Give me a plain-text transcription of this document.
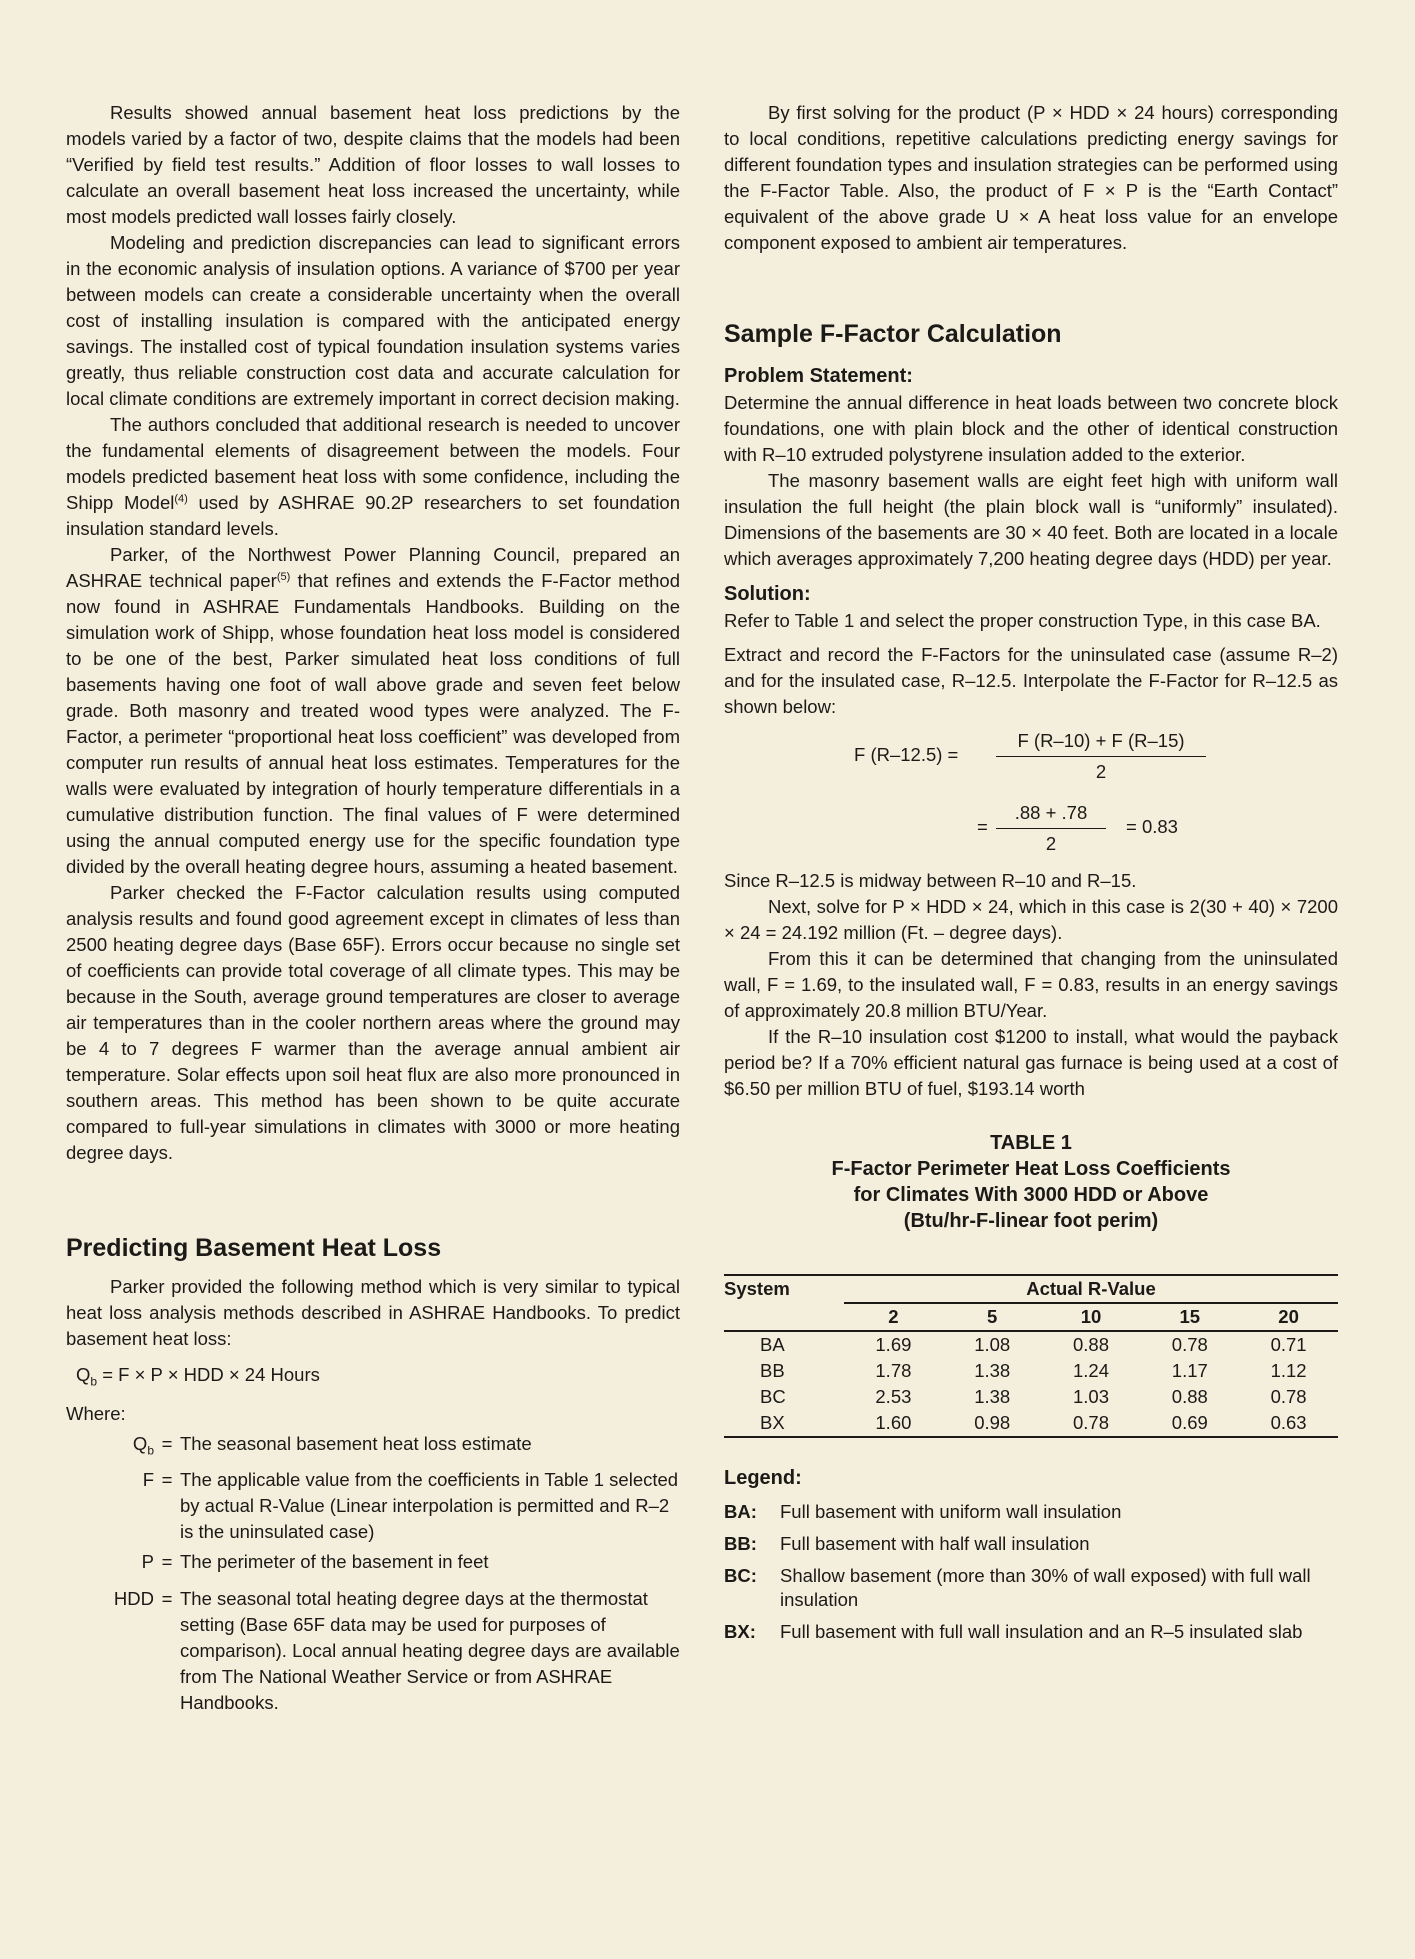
Results showed annual basement heat loss predictions by the models varied by a factor of two, despite claims that the models had been “Verified by field test results.” Addition of floor losses to wall losses to calculate an overall basement heat loss increased the uncertainty, while most models predicted wall losses fairly closely.

Modeling and prediction discrepancies can lead to significant errors in the economic analysis of insulation options. A variance of $700 per year between models can create a considerable uncertainty when the overall cost of installing insulation is compared with the anticipated energy savings. The installed cost of typical foundation insulation systems varies greatly, thus reliable construction cost data and accurate calculation for local climate conditions are extremely important in correct decision making.

The authors concluded that additional research is needed to uncover the fundamental elements of disagreement between the models. Four models predicted basement heat loss with some confidence, including the Shipp Model$^{(4)}$ used by ASHRAE 90.2P researchers to set foundation insulation standard levels.

Parker, of the Northwest Power Planning Council, prepared an ASHRAE technical paper$^{(5)}$ that refines and extends the F-Factor method now found in ASHRAE Fundamentals Handbooks. Building on the simulation work of Shipp, whose foundation heat loss model is considered to be one of the best, Parker simulated heat loss conditions of full basements having one foot of wall above grade and seven feet below grade. Both masonry and treated wood types were analyzed. The F-Factor, a perimeter “proportional heat loss coefficient” was developed from computer run results of annual heat loss estimates. Temperatures for the walls were evaluated by integration of hourly temperature differentials in a cumulative distribution function. The final values of F were determined using the annual computed energy use for the specific foundation type divided by the overall heating degree hours, assuming a heated basement.

Parker checked the F-Factor calculation results using computed analysis results and found good agreement except in climates of less than 2500 heating degree days (Base 65F). Errors occur because no single set of coefficients can provide total coverage of all climate types. This may be because in the South, average ground temperatures are closer to average air temperatures than in the cooler northern areas where the ground may be 4 to 7 degrees F warmer than the average annual ambient air temperature. Solar effects upon soil heat flux are also more pronounced in southern areas. This method has been shown to be quite accurate compared to full-year simulations in climates with 3000 or more heating degree days.

Predicting Basement Heat Loss

Parker provided the following method which is very similar to typical heat loss analysis methods described in ASHRAE Handbooks. To predict basement heat loss:

$Q_b = F \times P$ × HDD × 24 Hours
Where:
$Q_b$ = The seasonal basement heat loss estimate
F = The applicable value from the coefficients in Table 1 selected by actual R-Value (Linear interpolation is permitted and R–2 is the uninsulated case)
P = The perimeter of the basement in feet
HDD = The seasonal total heating degree days at the thermostat setting (Base 65F data may be used for purposes of comparison). Local annual heating degree days are available from The National Weather Service or from ASHRAE Handbooks.

By first solving for the product (P × HDD × 24 hours) corresponding to local conditions, repetitive calculations predicting energy savings for different foundation types and insulation strategies can be performed using the F-Factor Table. Also, the product of F × P is the “Earth Contact” equivalent of the above grade U × A heat loss value for an envelope component exposed to ambient air temperatures.

Sample F-Factor Calculation
Problem Statement:

Determine the annual difference in heat loads between two concrete block foundations, one with plain block and the other of identical construction with R–10 extruded polystyrene insulation added to the exterior.

The masonry basement walls are eight feet high with uniform wall insulation the full height (the plain block wall is “uniformly” insulated). Dimensions of the basements are 30 × 40 feet. Both are located in a locale which averages approximately 7,200 heating degree days (HDD) per year.

Solution:

Refer to Table 1 and select the proper construction Type, in this case BA.

Extract and record the F-Factors for the uninsulated case (assume R–2) and for the insulated case, R–12.5. Interpolate the F-Factor for R–12.5 as shown below:

F $(R-12.5) = \frac{F (R-10) + F (R-15)}{2}$
= $\frac{.88 + .78}{2} = 0.83$

Since R–12.5 is midway between R–10 and R–15.

Next, solve for P × HDD × 24, which in this case is 2(30 + 40) × 7200 × 24 = 24.192 million (Ft. – degree days).

From this it can be determined that changing from the uninsulated wall, F = 1.69, to the insulated wall, F = 0.83, results in an energy savings of approximately 20.8 million BTU/Year.

If the R–10 insulation cost $1200 to install, what would the payback period be? If a 70% efficient natural gas furnace is being used at a cost of $6.50 per million BTU of fuel, $193.14 worth

TABLE 1
F-Factor Perimeter Heat Loss Coefficients
for Climates With 3000 HDD or Above
(Btu/hr-F-linear foot perim)
System	Actual R-Value				
	2	5	10	15	20
BA	1.69	1.08	0.88	0.78	0.71
BB	1.78	1.38	1.24	1.17	1.12
BC	2.53	1.38	1.03	0.88	0.78
BX	1.60	0.98	0.78	0.69	0.63
Legend:
BA:	Full basement with uniform wall insulation
BB:	Full basement with half wall insulation
BC:	Shallow basement (more than 30% of wall exposed) with full wall insulation
BX:	Full basement with full wall insulation and an R–5 insulated slab
